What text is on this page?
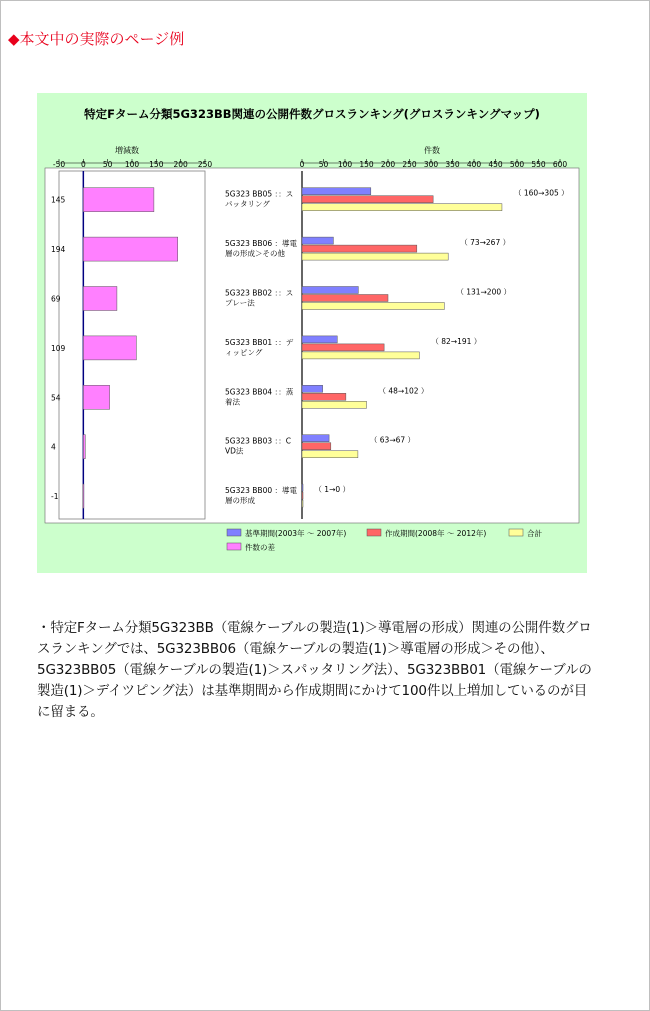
◆本文中の実際のページ例
特定Fターム分類5G323BB関連の公開件数グロスランキング(グロスランキングマップ)
増減数	件数
-50 0 50 100 150 200 250
145
194
69
109
54
4
-1
5G323 BB05 ：：ス
パッタリング
5G323 BB06 ：導電
層の形成＞その他
5G323 BB02 ：：ス
プレー法
5G323 BB01 ：：デ
ィッピング
5G323 BB04 ：：蒸
着法
5G323 BB03 ：：C
VD法
5G323 BB00 ：導電
層の形成
0 50 100 150 200 250 300 350 400 450 500 550 600
（ 160→305 ）
（ 73→267 ）
（ 131→200 ）
（ 82→191 ）
（ 48→102 ）
（ 63→67 ）
（ 1→0 ）
基準期間(2003年 ～ 2007年)	作成期間(2008年 ～ 2012年)	合計
件数の差

・特定Fターム分類5G323BB（電線ケーブルの製造(1)＞導電層の形成）関連の公開件数グロスランキングでは、5G323BB06（電線ケーブルの製造(1)＞導電層の形成＞その他）、5G323BB05（電線ケーブルの製造(1)＞スパッタリング法）、5G323BB01（電線ケーブルの製造(1)＞デイツピング法）は基準期間から作成期間にかけて100件以上増加しているのが目に留まる。
